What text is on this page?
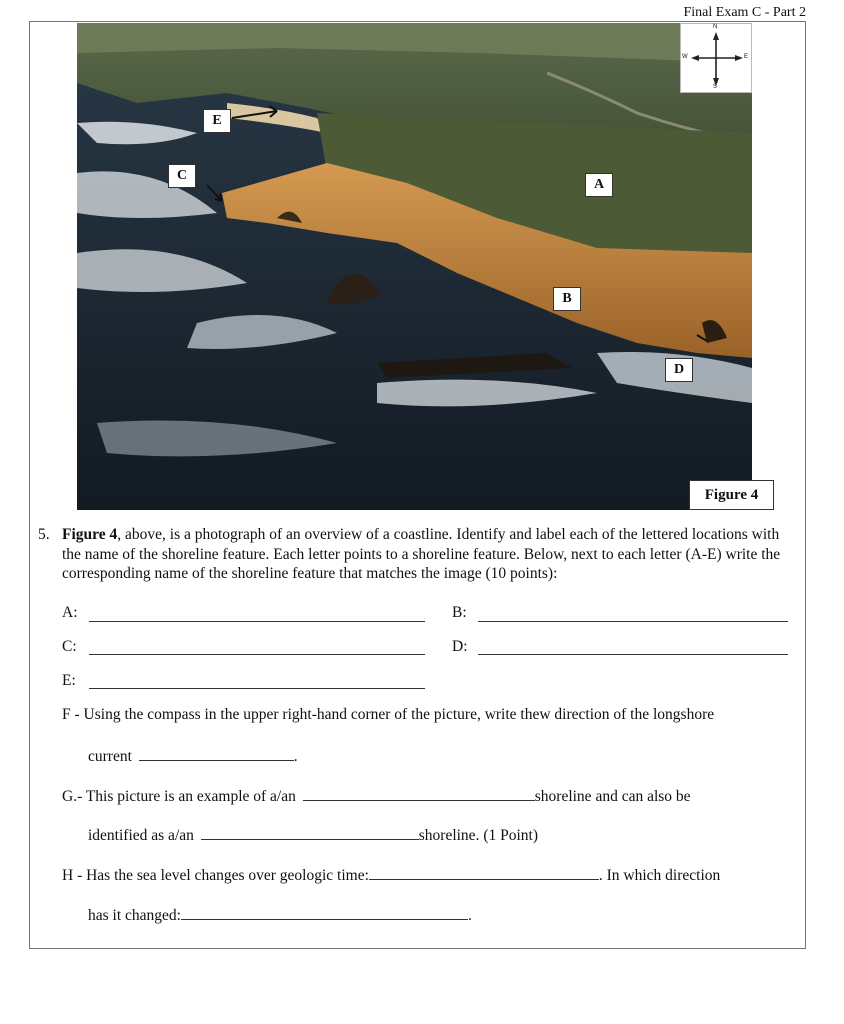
Final Exam C - Part 2
E
C
A
B
D
N
S
W	E
Figure 4
5. Figure 4, above, is a photograph of an overview of a coastline. Identify and label each of the lettered locations with the name of the shoreline feature. Each letter points to a shoreline feature. Below, next to each letter (A-E) write the corresponding name of the shoreline feature that matches the image (10 points):
A:	B:
C:	D:
E:
F - Using the compass in the upper right-hand corner of the picture, write thew direction of the longshore
current	.
G.- This picture is an example of a/an	shoreline and can also be
identified as a/an	shoreline. (1 Point)
H - Has the sea level changes over geologic time:	. In which direction
has it changed:	.
